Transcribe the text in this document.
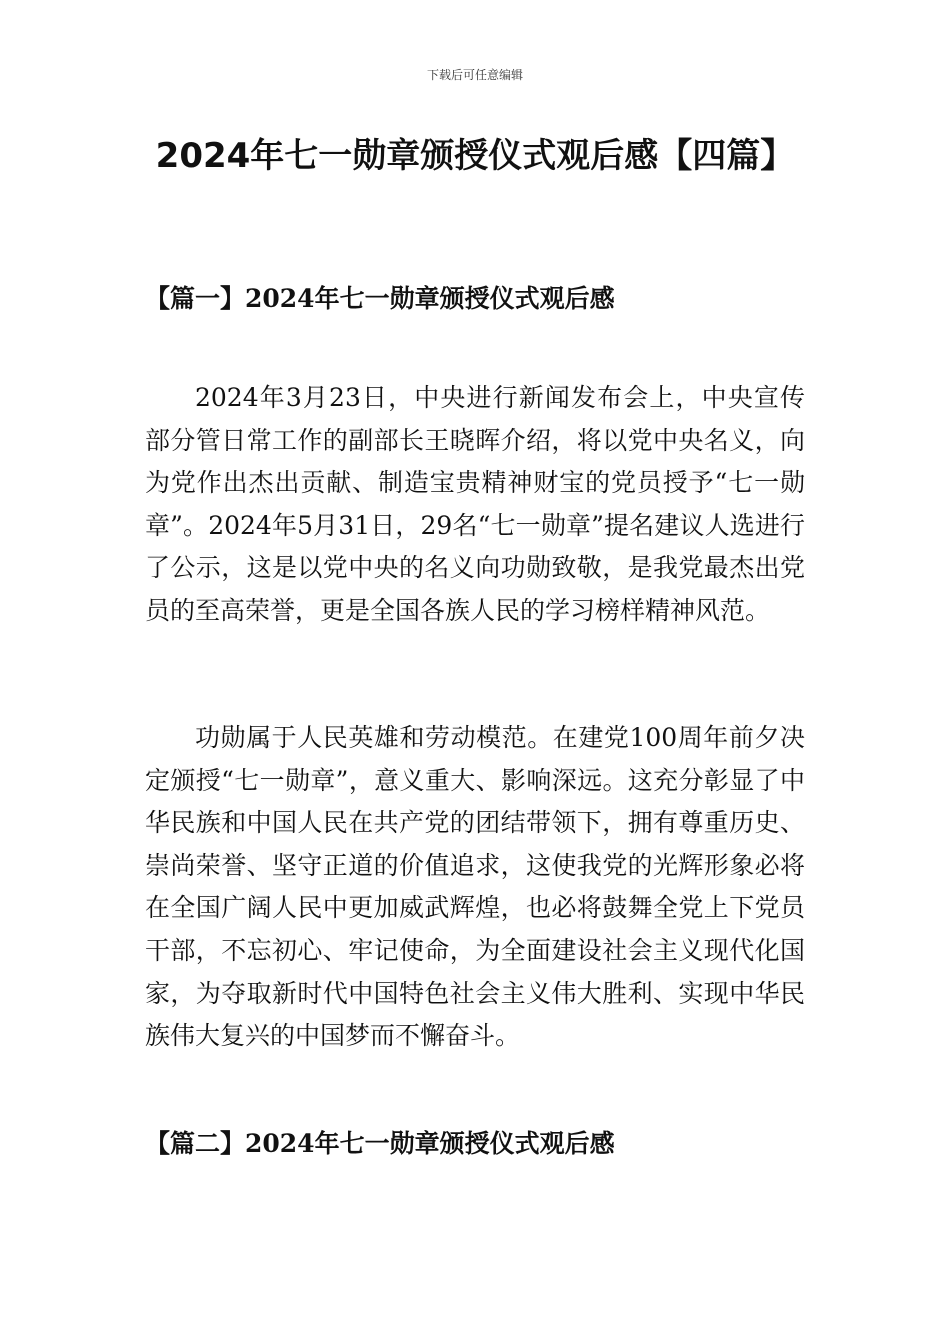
下载后可任意编辑
2024年七一勋章颁授仪式观后感【四篇】
【篇一】2024年七一勋章颁授仪式观后感

2024年3月23日，中央进行新闻发布会上，中央宣传部分管日常工作的副部长王晓晖介绍，将以党中央名义，向为党作出杰出贡献、制造宝贵精神财宝的党员授予“七一勋章”。2024年5月31日，29名“七一勋章”提名建议人选进行了公示，这是以党中央的名义向功勋致敬，是我党最杰出党员的至高荣誉，更是全国各族人民的学习榜样精神风范。

功勋属于人民英雄和劳动模范。在建党100周年前夕决定颁授“七一勋章”，意义重大、影响深远。这充分彰显了中华民族和中国人民在共产党的团结带领下，拥有尊重历史、崇尚荣誉、坚守正道的价值追求，这使我党的光辉形象必将在全国广阔人民中更加威武辉煌，也必将鼓舞全党上下党员干部，不忘初心、牢记使命，为全面建设社会主义现代化国家，为夺取新时代中国特色社会主义伟大胜利、实现中华民族伟大复兴的中国梦而不懈奋斗。

【篇二】2024年七一勋章颁授仪式观后感
